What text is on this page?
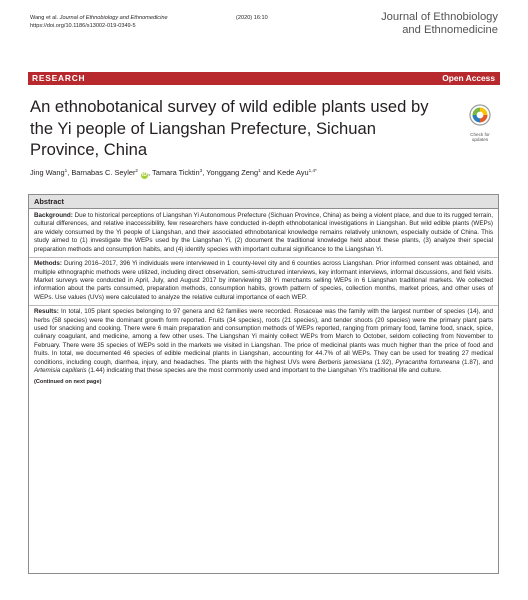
Wang et al. Journal of Ethnobiology and Ethnomedicine	(2020) 16:10
https://doi.org/10.1186/s13002-019-0349-5
Journal of Ethnobiology
and Ethnomedicine
RESEARCH	Open Access
An ethnobotanical survey of wild edible plants used by the Yi people of Liangshan Prefecture, Sichuan Province, China
Check for
updates
Jing Wang$^1$, Barnabas C. Seyler$^2$ iD, Tamara Ticktin$^3$, Yonggang Zeng$^1$ and Kede Ayu$^{1,4*}$
Abstract

Background: Due to historical perceptions of Liangshan Yi Autonomous Prefecture (Sichuan Province, China) as being a violent place, and due to its rugged terrain, cultural differences, and relative inaccessibility, few researchers have conducted in-depth ethnobotanical investigations in Liangshan. But wild edible plants (WEPs) are widely consumed by the Yi people of Liangshan, and their associated ethnobotanical knowledge remains relatively unknown, especially outside of China. This study aimed to (1) investigate the WEPs used by the Liangshan Yi, (2) document the traditional knowledge held about these plants, (3) analyze their special preparation methods and consumption habits, and (4) identify species with important cultural significance to the Liangshan Yi.

Methods: During 2016–2017, 396 Yi individuals were interviewed in 1 county-level city and 6 counties across Liangshan. Prior informed consent was obtained, and multiple ethnographic methods were utilized, including direct observation, semi-structured interviews, key informant interviews, informal discussions, and field visits. Market surveys were conducted in April, July, and August 2017 by interviewing 38 Yi merchants selling WEPs in 6 Liangshan traditional markets. We collected information about the parts consumed, preparation methods, consumption habits, growth pattern of species, collection months, market prices, and other uses of WEPs. Use values (UVs) were calculated to analyze the relative cultural importance of each WEP.

Results: In total, 105 plant species belonging to 97 genera and 62 families were recorded. Rosaceae was the family with the largest number of species (14), and herbs (58 species) were the dominant growth form reported. Fruits (34 species), roots (21 species), and tender shoots (20 species) were the primary plant parts used for snacking and cooking. There were 6 main preparation and consumption methods of WEPs reported, ranging from primary food, famine food, snack, spice, culinary coagulant, and medicine, among a few other uses. The Liangshan Yi mainly collect WEPs from March to October, seldom collecting from November to February. There were 35 species of WEPs sold in the markets we visited in Liangshan. The price of medicinal plants was much higher than the price of food and fruits. In total, we documented 46 species of edible medicinal plants in Liangshan, accounting for 44.7% of all WEPs. They can be used for treating 27 medical conditions, including cough, diarrhea, injury, and headaches. The plants with the highest UVs were Berberis jamesiana (1.92), Pyracantha fortuneana (1.87), and Artemisia capillaris (1.44) indicating that these species are the most commonly used and important to the Liangshan Yi's traditional life and culture.

(Continued on next page)
